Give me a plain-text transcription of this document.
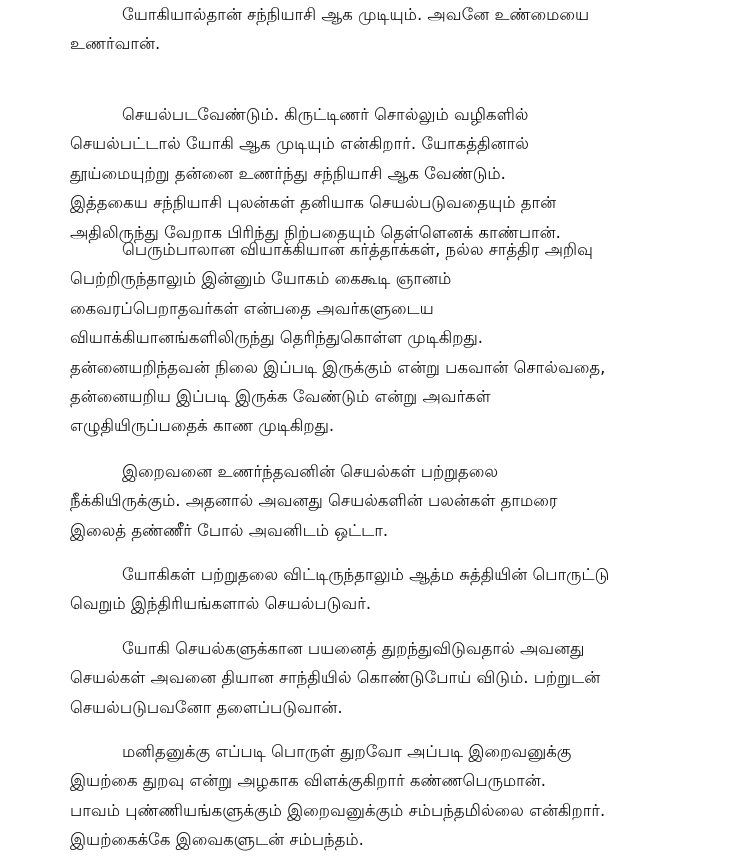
யோகியால்தான் சந்நியாசி ஆக முடியும். அவனே உண்மையை
உணர்வான்.
செயல்படவேண்டும். கிருட்டிணர் சொல்லும் வழிகளில்
செயல்பட்டால் யோகி ஆக முடியும் என்கிறார். யோகத்தினால்
தூய்மையுற்று தன்னை உணர்ந்து சந்நியாசி ஆக வேண்டும்.
இத்தகைய சந்நியாசி புலன்கள் தனியாக செயல்படுவதையும் தான்
அதிலிருந்து வேறாக பிரிந்து நிற்பதையும் தெள்ளெனக் காண்பான்.
பெரும்பாலான வியாக்கியான கர்த்தாக்கள், நல்ல சாத்திர அறிவு
பெற்றிருந்தாலும் இன்னும் யோகம் கைகூடி ஞானம்
கைவரப்பெறாதவர்கள் என்பதை அவர்களுடைய
வியாக்கியானங்களிலிருந்து தெரிந்துகொள்ள முடிகிறது.
தன்னையறிந்தவன் நிலை இப்படி இருக்கும் என்று பகவான் சொல்வதை,
தன்னையறிய இப்படி இருக்க வேண்டும் என்று அவர்கள்
எழுதியிருப்பதைக் காண முடிகிறது.
இறைவனை உணர்ந்தவனின் செயல்கள் பற்றுதலை
நீக்கியிருக்கும். அதனால் அவனது செயல்களின் பலன்கள் தாமரை
இலைத் தண்ணீர் போல் அவனிடம் ஒட்டா.
யோகிகள் பற்றுதலை விட்டிருந்தாலும் ஆத்ம சுத்தியின் பொருட்டு
வெறும் இந்திரியங்களால் செயல்படுவர்.
யோகி செயல்களுக்கான பயனைத் துறந்துவிடுவதால் அவனது
செயல்கள் அவனை தியான சாந்தியில் கொண்டுபோய் விடும். பற்றுடன்
செயல்படுபவனோ தளைப்படுவான்.
மனிதனுக்கு எப்படி பொருள் துறவோ அப்படி இறைவனுக்கு
இயற்கை துறவு என்று அழகாக விளக்குகிறார் கண்ணபெருமான்.
பாவம் புண்ணியங்களுக்கும் இறைவனுக்கும் சம்பந்தமில்லை என்கிறார்.
இயற்கைக்கே இவைகளுடன் சம்பந்தம்.
